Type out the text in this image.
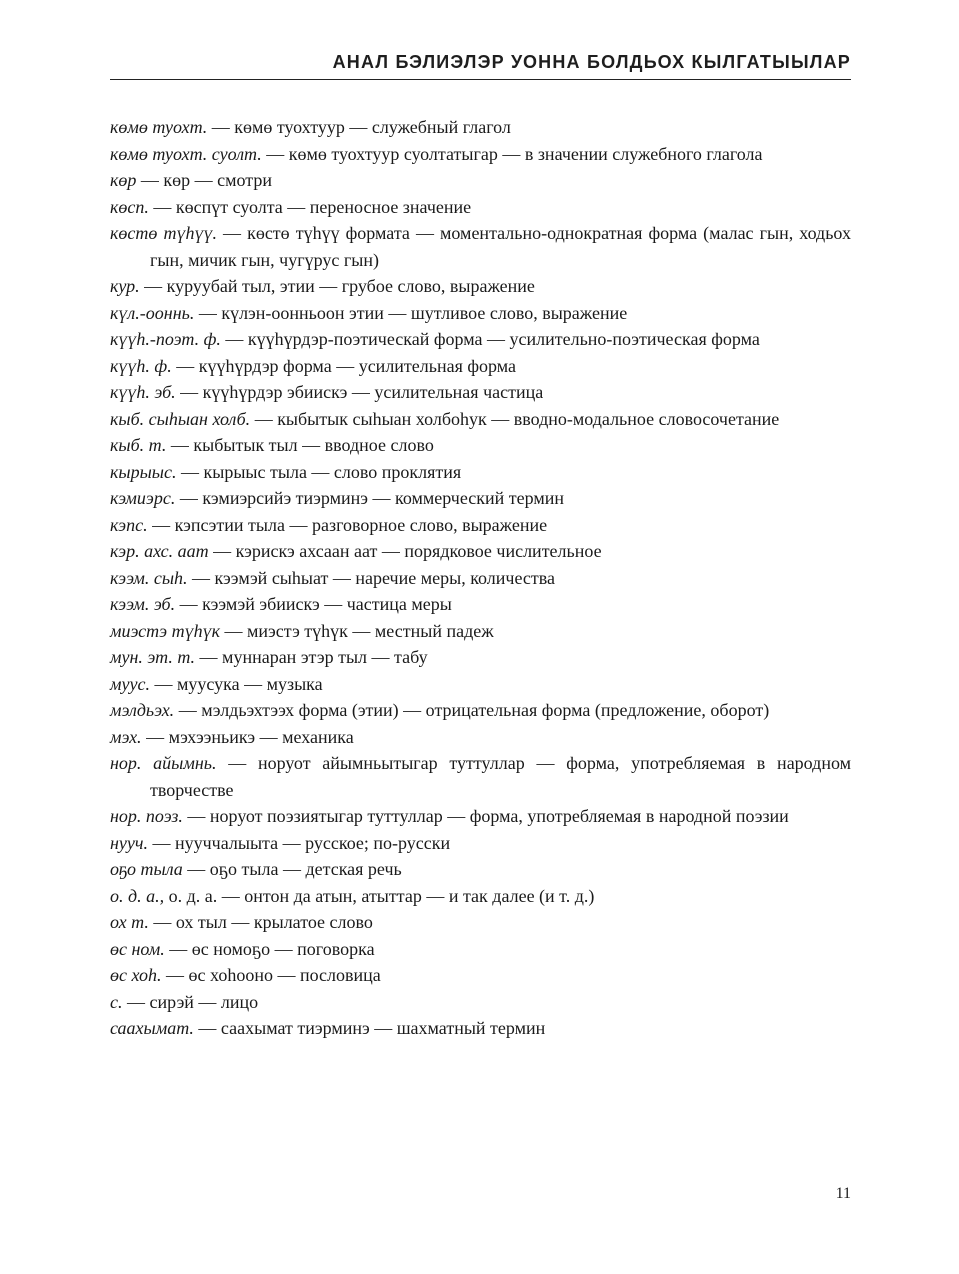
АНАЛ БЭЛИЭЛЭР УОННА БОЛДЬОХ КЫЛГАТЫЫЛАР

көмө туохт. — көмө туохтуур — служебный глагол

көмө туохт. суолт. — көмө туохтуур суолтатыгар — в значении служебного глагола

көр — көр — смотри

көсп. — көспүт суолта — переносное значение

көстө түһүү. — көстө түһүү формата — моментально-однократная форма (малас гын, ходьох гын, мичик гын, чугүрус гын)

кур. — куруубай тыл, этии — грубое слово, выражение

күл.-ооннь. — күлэн-оонньоон этии — шутливое слово, выражение

күүһ.-поэт. ф. — күүһүрдэр-поэтическай форма — усилительно-поэтическая форма

күүһ. ф. — күүһүрдэр форма — усилительная форма

күүһ. эб. — күүһүрдэр эбиискэ — усилительная частица

кыб. сыһыан холб. — кыбытык сыһыан холбоһук — вводно-модальное словосочетание

кыб. т. — кыбытык тыл — вводное слово

кырыыс. — кырыыс тыла — слово проклятия

кэмиэрс. — кэмиэрсийэ тиэрминэ — коммерческий термин

кэпс. — кэпсэтии тыла — разговорное слово, выражение

кэр. ахс. аат — кэрискэ ахсаан аат — порядковое числительное

кээм. сыһ. — кээмэй сыһыат — наречие меры, количества

кээм. эб. — кээмэй эбиискэ — частица меры

миэстэ түһүк — миэстэ түһүк — местный падеж

мун. эт. т. — муннаран этэр тыл — табу

муус. — муусука — музыка

мэлдьэх. — мэлдьэхтээх форма (этии) — отрицательная форма (предложение, оборот)

мэх. — мэхээньикэ — механика

нор. айымнь. — норуот айымньытыгар туттуллар — форма, употребляемая в народном творчестве

нор. поэз. — норуот поэзиятыгар туттуллар — форма, употребляемая в народной поэзии

нууч. — нууччалыыта — русское; по-русски

оҕо тыла — оҕо тыла — детская речь

о. д. а., о. д. а. — онтон да атын, атыттар — и так далее (и т. д.)

ох т. — ох тыл — крылатое слово

өс ном. — өс номоҕо — поговорка

өс хоһ. — өс хоһооно — пословица

с. — сирэй — лицо

саахымат. — саахымат тиэрминэ — шахматный термин

11
